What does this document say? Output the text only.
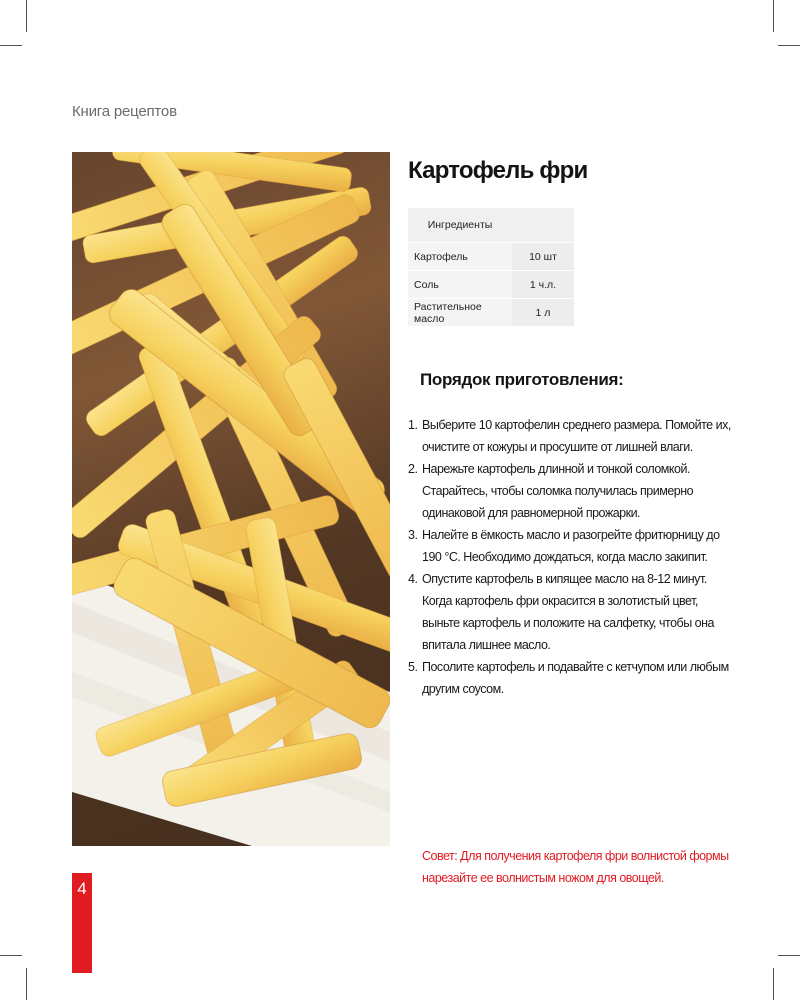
Книга рецептов
4
Картофель фри
Ингредиенты	
Картофель	10 шт
Соль	1 ч.л.
Растительное масло	1 л
Порядок приготовления:
1. Выберите 10 картофелин среднего размера. Помойте их, очистите от кожуры и просушите от лишней влаги.
2. Нарежьте картофель длинной и тонкой соломкой. Старайтесь, чтобы соломка получилась примерно одинаковой для равномерной прожарки.
3. Налейте в ёмкость масло и разогрейте фритюрницу до 190 °С. Необходимо дождаться, когда масло закипит.
4. Опустите картофель в кипящее масло на 8-12 минут. Когда картофель фри окрасится в золотистый цвет, выньте картофель и положите на салфетку, чтобы она впитала лишнее масло.
5. Посолите картофель и подавайте с кетчупом или любым другим соусом.
Совет: Для получения картофеля фри волнистой формы нарезайте ее волнистым ножом для овощей.
